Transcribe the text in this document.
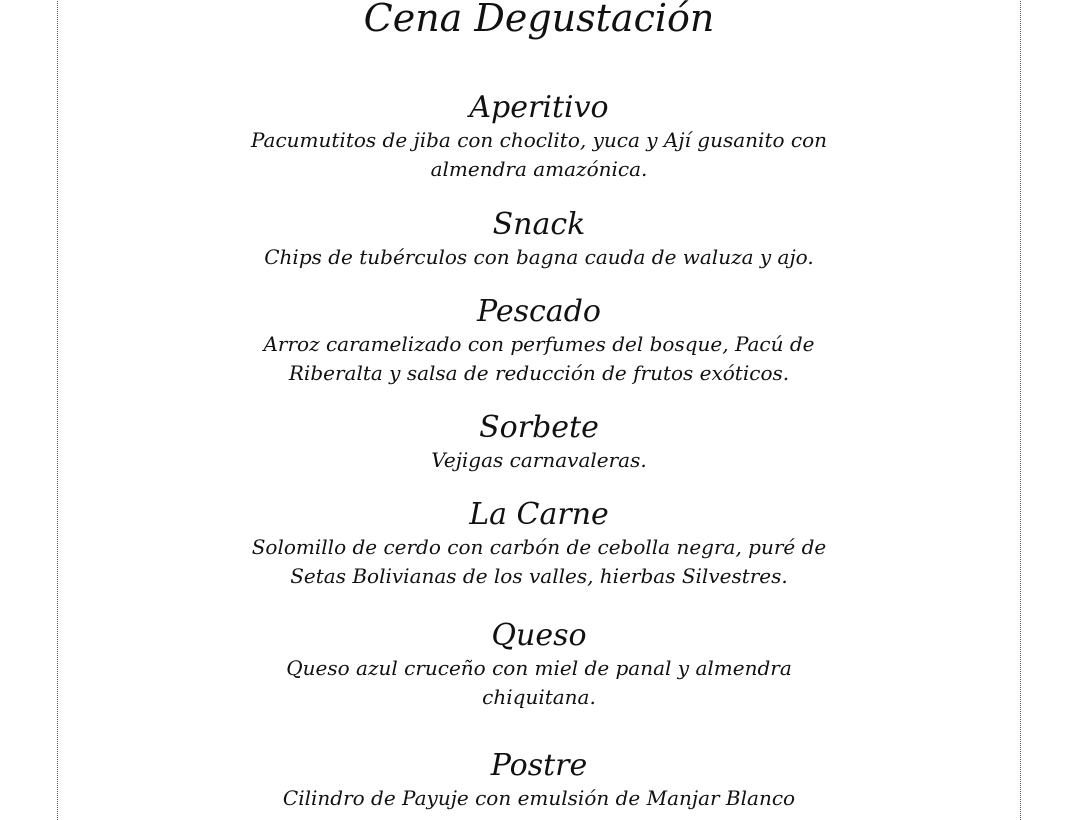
Cena Degustación
Aperitivo
Pacumutitos de jiba con choclito, yuca y Ají gusanito con
almendra amazónica.
Snack
Chips de tubérculos con bagna cauda de waluza y ajo.
Pescado
Arroz caramelizado con perfumes del bosque, Pacú de
Riberalta y salsa de reducción de frutos exóticos.
Sorbete
Vejigas carnavaleras.
La Carne
Solomillo de cerdo con carbón de cebolla negra, puré de
Setas Bolivianas de los valles, hierbas Silvestres.
Queso
Queso azul cruceño con miel de panal y almendra
chiquitana.
Postre
Cilindro de Payuje con emulsión de Manjar Blanco
